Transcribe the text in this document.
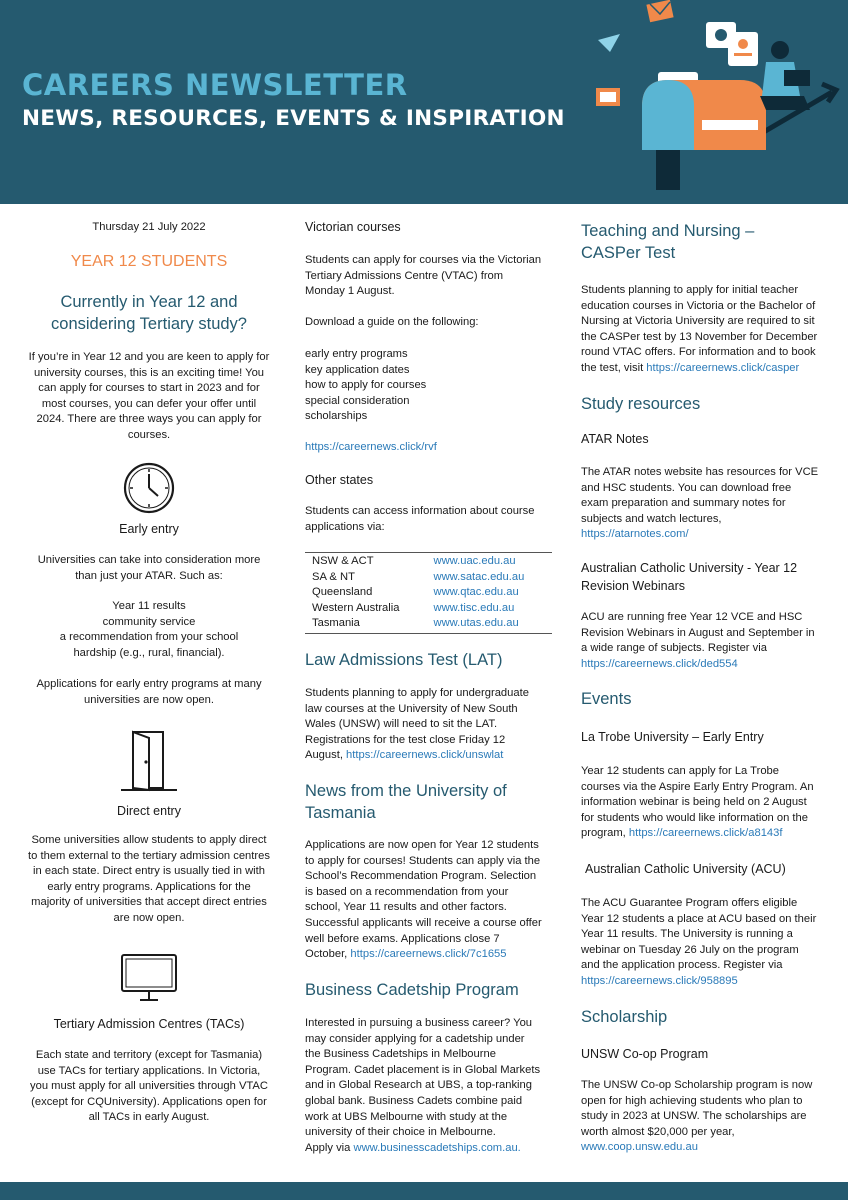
CAREERS NEWSLETTER
NEWS, RESOURCES, EVENTS & INSPIRATION
Thursday 21 July 2022
YEAR 12 STUDENTS
Currently in Year 12 and
considering Tertiary study?
If you’re in Year 12 and you are keen to apply for
university courses, this is an exciting time! You
can apply for courses to start in 2023 and for
most courses, you can defer your offer until
2024. There are three ways you can apply for
courses.
Early entry
Universities can take into consideration more
than just your ATAR. Such as:
Year 11 results
community service
a recommendation from your school
hardship (e.g., rural, financial).
Applications for early entry programs at many
universities are now open.
Direct entry
Some universities allow students to apply direct
to them external to the tertiary admission centres
in each state. Direct entry is usually tied in with
early entry programs. Applications for the
majority of universities that accept direct entries
are now open.
Tertiary Admission Centres (TACs)
Each state and territory (except for Tasmania)
use TACs for tertiary applications. In Victoria,
you must apply for all universities through VTAC
(except for CQUniversity). Applications open for
all TACs in early August.
Victorian courses
Students can apply for courses via the Victorian
Tertiary Admissions Centre (VTAC) from
Monday 1 August.
Download a guide on the following:
early entry programs
key application dates
how to apply for courses
special consideration
scholarships
https://careernews.click/rvf
Other states
Students can access information about course
applications via:
NSW & ACT	www.uac.edu.au
SA & NT	www.satac.edu.au
Queensland	www.qtac.edu.au
Western Australia	www.tisc.edu.au
Tasmania	www.utas.edu.au
Law Admissions Test (LAT)
Students planning to apply for undergraduate
law courses at the University of New South
Wales (UNSW) will need to sit the LAT.
Registrations for the test close Friday 12
August, https://careernews.click/unswlat
News from the University of
Tasmania
Applications are now open for Year 12 students
to apply for courses! Students can apply via the
School’s Recommendation Program. Selection
is based on a recommendation from your
school, Year 11 results and other factors.
Successful applicants will receive a course offer
well before exams. Applications close 7
October, https://careernews.click/7c1655
Business Cadetship Program
Interested in pursuing a business career? You
may consider applying for a cadetship under
the Business Cadetships in Melbourne
Program. Cadet placement is in Global Markets
and in Global Research at UBS, a top-ranking
global bank. Business Cadets combine paid
work at UBS Melbourne with study at the
university of their choice in Melbourne.
Apply via www.businesscadetships.com.au.
Teaching and Nursing –
CASPer Test
Students planning to apply for initial teacher
education courses in Victoria or the Bachelor of
Nursing at Victoria University are required to sit
the CASPer test by 13 November for December
round VTAC offers. For information and to book
the test, visit https://careernews.click/casper
Study resources
ATAR Notes
The ATAR notes website has resources for VCE
and HSC students. You can download free
exam preparation and summary notes for
subjects and watch lectures,
https://atarnotes.com/
Australian Catholic University - Year 12
Revision Webinars
ACU are running free Year 12 VCE and HSC
Revision Webinars in August and September in
a wide range of subjects. Register via
https://careernews.click/ded554
Events
La Trobe University – Early Entry
Year 12 students can apply for La Trobe
courses via the Aspire Early Entry Program. An
information webinar is being held on 2 August
for students who would like information on the
program, https://careernews.click/a8143f
Australian Catholic University (ACU)
The ACU Guarantee Program offers eligible
Year 12 students a place at ACU based on their
Year 11 results. The University is running a
webinar on Tuesday 26 July on the program
and the application process. Register via
https://careernews.click/958895
Scholarship
UNSW Co-op Program
The UNSW Co-op Scholarship program is now
open for high achieving students who plan to
study in 2023 at UNSW. The scholarships are
worth almost $20,000 per year,
www.coop.unsw.edu.au
